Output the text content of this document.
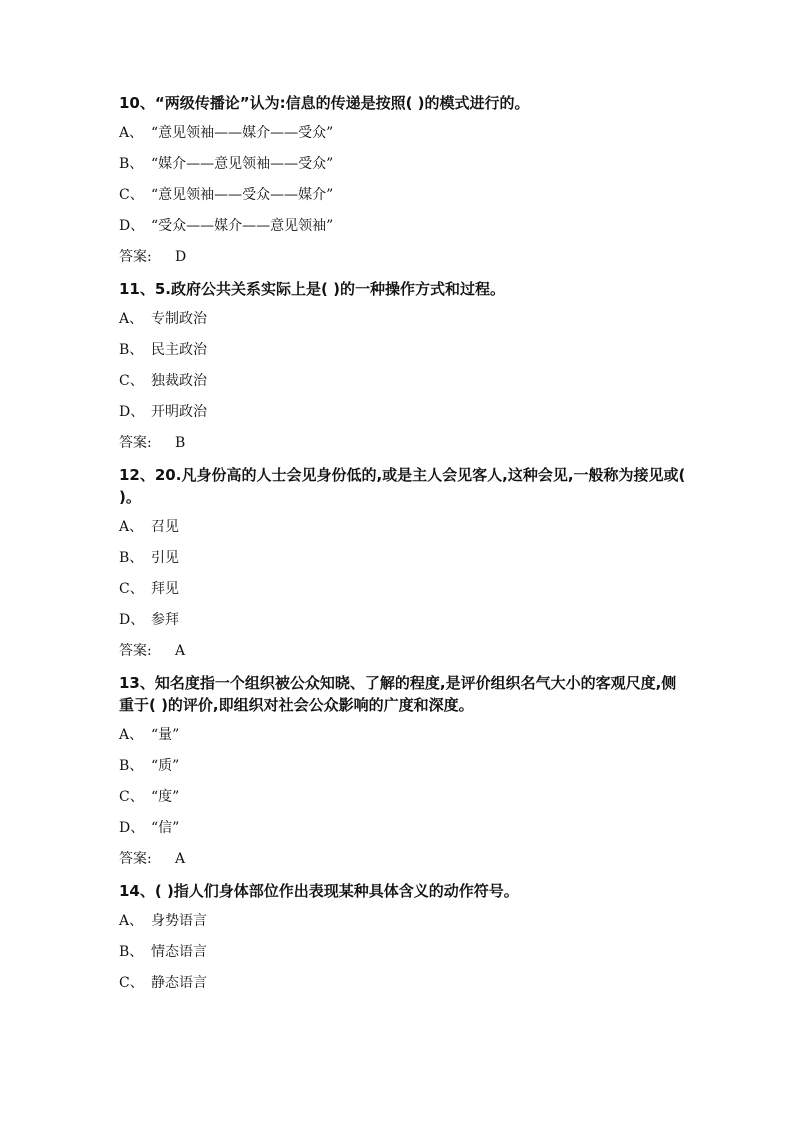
10、“两级传播论”认为:信息的传递是按照( )的模式进行的。
A、 “意见领袖——媒介——受众”
B、 “媒介——意见领袖——受众”
C、 “意见领袖——受众——媒介”
D、 “受众——媒介——意见领袖”
答案: D
11、5.政府公共关系实际上是( )的一种操作方式和过程。
A、 专制政治
B、 民主政治
C、 独裁政治
D、 开明政治
答案: B
12、20.凡身份高的人士会见身份低的,或是主人会见客人,这种会见,一般称为接见或( )。
A、 召见
B、 引见
C、 拜见
D、 参拜
答案: A
13、知名度指一个组织被公众知晓、了解的程度,是评价组织名气大小的客观尺度,侧重于( )的评价,即组织对社会公众影响的广度和深度。
A、 “量”
B、 “质”
C、 “度”
D、 “信”
答案: A
14、( )指人们身体部位作出表现某种具体含义的动作符号。
A、 身势语言
B、 情态语言
C、 静态语言
